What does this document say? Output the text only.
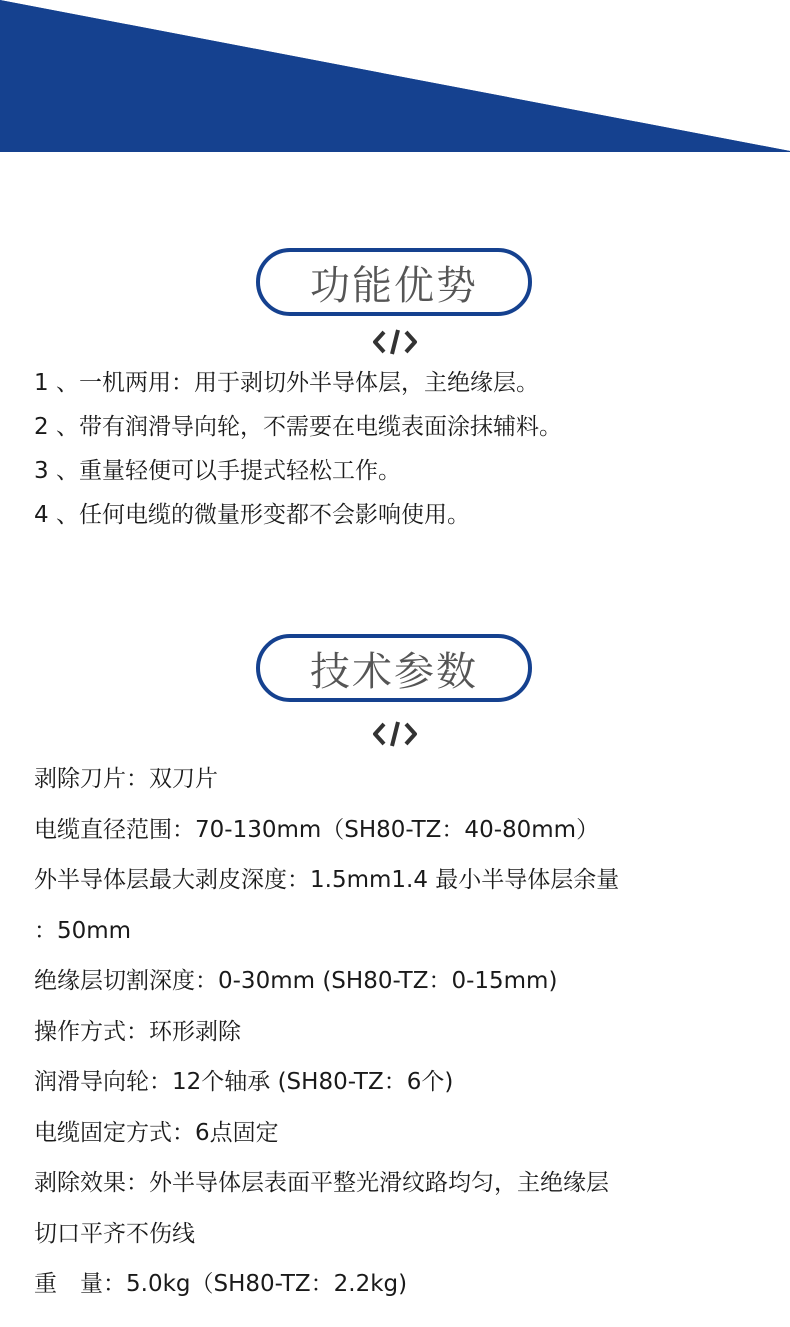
功能优势
1 、一机两用：用于剥切外半导体层，主绝缘层。
2 、带有润滑导向轮，不需要在电缆表面涂抹辅料。
3 、重量轻便可以手提式轻松工作。
4 、任何电缆的微量形变都不会影响使用。
技术参数
剥除刀片：双刀片
电缆直径范围：70-130mm（SH80-TZ：40-80mm）
外半导体层最大剥皮深度：1.5mm1.4 最小半导体层余量
：50mm
绝缘层切割深度：0-30mm (SH80-TZ：0-15mm)
操作方式：环形剥除
润滑导向轮：12个轴承 (SH80-TZ：6个)
电缆固定方式：6点固定
剥除效果：外半导体层表面平整光滑纹路均匀，主绝缘层
切口平齐不伤线
重　量：5.0kg（SH80-TZ：2.2kg)
